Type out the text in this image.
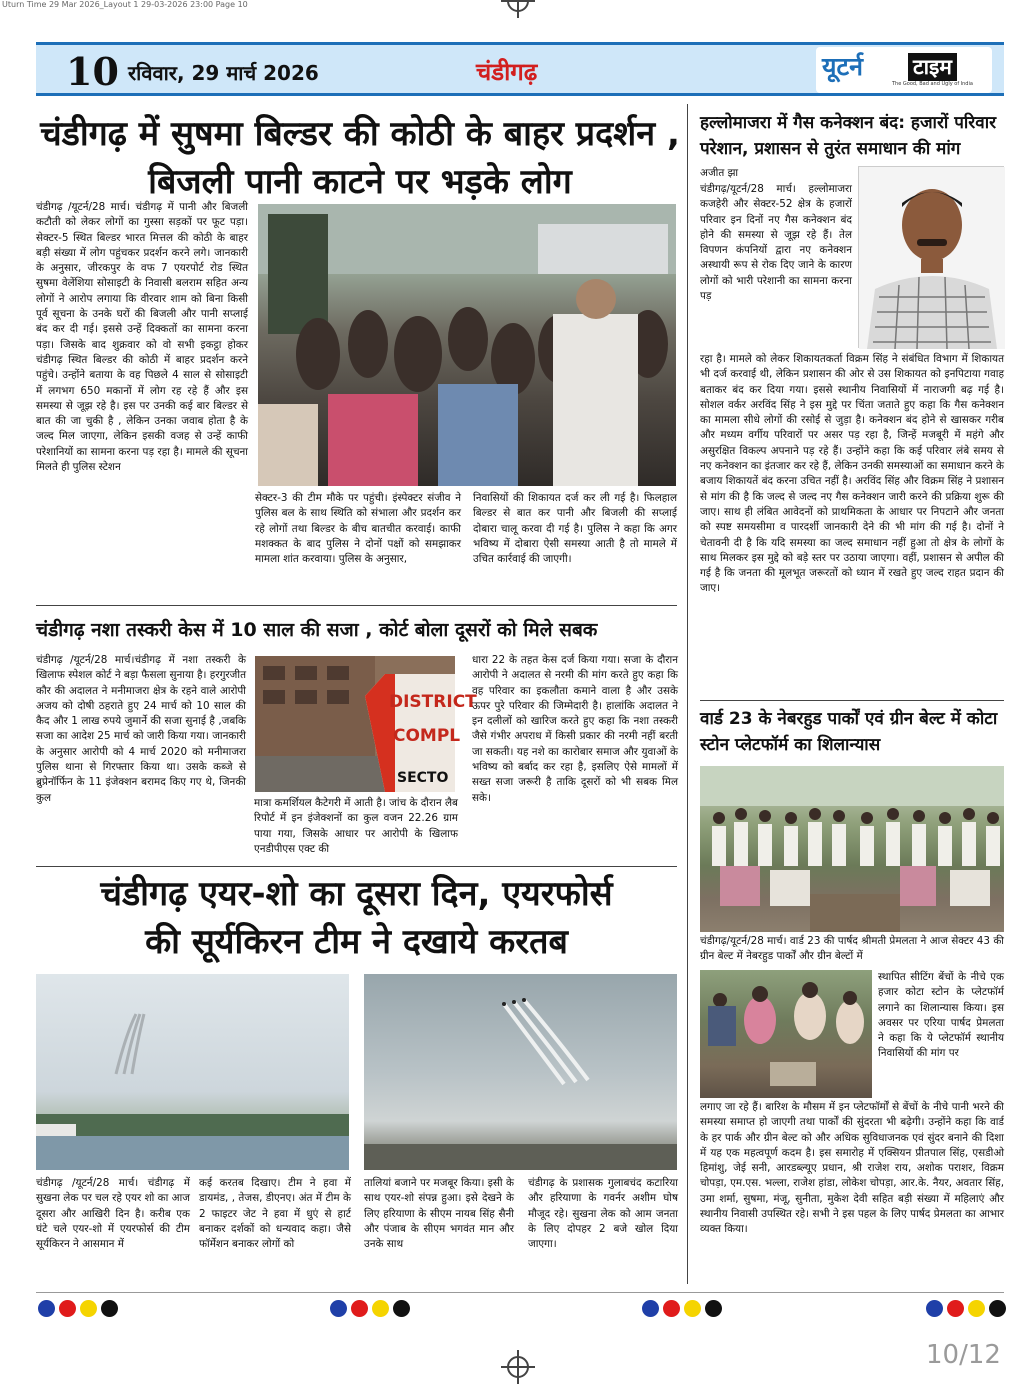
Uturn Time 29 Mar 2026_Layout 1 29-03-2026 23:00 Page 10
10 रविवार, 29 मार्च 2026	चंडीगढ़	यूटर्न टाइम
The Good, Bad and Ugly of India
चंडीगढ़ में सुषमा बिल्डर की कोठी के बाहर प्रदर्शन , बिजली पानी काटने पर भड़के लोग
चंडीगढ़ /यूटर्न/28 मार्च। चंडीगढ़ में पानी और बिजली कटौती को लेकर लोगों का गुस्सा सड़कों पर फूट पड़ा। सेक्टर-5 स्थित बिल्डर भारत मित्तल की कोठी के बाहर बड़ी संख्या में लोग पहुंचकर प्रदर्शन करने लगे। जानकारी के अनुसार, जीरकपुर के वफ 7 एयरपोर्ट रोड स्थित सुषमा वेलेंशिया सोसाइटी के निवासी बलराम सहित अन्य लोगों ने आरोप लगाया कि वीरवार शाम को बिना किसी पूर्व सूचना के उनके घरों की बिजली और पानी सप्लाई बंद कर दी गई। इससे उन्हें दिक्कतों का सामना करना पड़ा। जिसके बाद शुक्रवार को वो सभी इकट्ठा होकर चंडीगढ़ स्थित बिल्डर की कोठी में बाहर प्रदर्शन करने पहुंचे। उन्होंने बताया के वह पिछले 4 साल से सोसाइटी में लगभग 650 मकानों में लोग रह रहे हैं और इस समस्या से जूझ रहे है। इस पर उनकी कई बार बिल्डर से बात की जा चुकी है , लेकिन उनका जवाब होता है के जल्द मिल जाएगा, लेकिन इसकी वजह से उन्हें काफी परेशानियों का सामना करना पड़ रहा है। मामले की सूचना मिलते ही पुलिस स्टेशन
सेक्टर-3 की टीम मौके पर पहुंची। इंस्पेक्टर संजीव ने पुलिस बल के साथ स्थिति को संभाला और प्रदर्शन कर रहे लोगों तथा बिल्डर के बीच बातचीत करवाई। काफी मशक्कत के बाद पुलिस ने दोनों पक्षों को समझाकर मामला शांत करवाया। पुलिस के अनुसार,
निवासियों की शिकायत दर्ज कर ली गई है। फिलहाल बिल्डर से बात कर पानी और बिजली की सप्लाई दोबारा चालू करवा दी गई है। पुलिस ने कहा कि अगर भविष्य में दोबारा ऐसी समस्या आती है तो मामले में उचित कार्रवाई की जाएगी।
चंडीगढ़ नशा तस्करी केस में 10 साल की सजा , कोर्ट बोला दूसरों को मिले सबक
चंडीगढ़ /यूटर्न/28 मार्च।चंडीगढ़ में नशा तस्करी के खिलाफ स्पेशल कोर्ट ने बड़ा फैसला सुनाया है। हरगुरजीत कौर की अदालत ने मनीमाजरा क्षेत्र के रहने वाले आरोपी अजय को दोषी ठहराते हुए 24 मार्च को 10 साल की कैद और 1 लाख रुपये जुमार्ने की सजा सुनाई है ,जबकि सजा का आदेश 25 मार्च को जारी किया गया। जानकारी के अनुसार आरोपी को 4 मार्च 2020 को मनीमाजरा पुलिस थाना से गिरफ्तार किया था। उसके कब्जे से ब्रुप्रेनॉर्फिन के 11 इंजेक्शन बरामद किए गए थे, जिनकी कुल
DISTRICT
COMPL
SECTO
मात्रा कमर्शियल कैटेगरी में आती है। जांच के दौरान लैब रिपोर्ट में इन इंजेक्शनों का कुल वजन 22.26 ग्राम पाया गया, जिसके आधार पर आरोपी के खिलाफ एनडीपीएस एक्ट की
धारा 22 के तहत केस दर्ज किया गया। सजा के दौरान आरोपी ने अदालत से नरमी की मांग करते हुए कहा कि वह परिवार का इकलौता कमाने वाला है और उसके ऊपर पुरे परिवार की जिम्मेदारी है। हालांकि अदालत ने इन दलीलों को खारिज करते हुए कहा कि नशा तस्करी जैसे गंभीर अपराध में किसी प्रकार की नरमी नहीं बरती जा सकती। यह नशे का कारोबार समाज और युवाओं के भविष्य को बर्बाद कर रहा है, इसलिए ऐसे मामलों में सख्त सजा जरूरी है ताकि दूसरों को भी सबक मिल सके।
चंडीगढ़ एयर-शो का दूसरा दिन, एयरफोर्स
की सूर्यकिरन टीम ने दखाये करतब
चंडीगढ़ /यूटर्न/28 मार्च। चंडीगढ़ में सुखना लेक पर चल रहे एयर शो का आज दूसरा और आखिरी दिन है। करीब एक घंटे चले एयर-शो में एयरफोर्स की टीम सूर्यकिरन ने आसमान में
कई करतब दिखाए। टीम ने हवा में डायमंड, , तेजस, डीएनए। अंत में टीम के 2 फाइटर जेट ने हवा में धुएं से हार्ट बनाकर दर्शकों को धन्यवाद कहा। जैसे फॉर्मेशन बनाकर लोगों को
तालियां बजाने पर मजबूर किया। इसी के साथ एयर-शो संपन्न हुआ। इसे देखने के लिए हरियाणा के सीएम नायब सिंह सैनी और पंजाब के सीएम भगवंत मान और उनके साथ
चंडीगढ़ के प्रशासक गुलाबचंद कटारिया और हरियाणा के गवर्नर अशीम घोष मौजूद रहे। सुखना लेक को आम जनता के लिए दोपहर 2 बजे खोल दिया जाएगा।
हल्लोमाजरा में गैस कनेक्शन बंद: हजारों परिवार परेशान, प्रशासन से तुरंत समाधान की मांग
अजीत झा
चंडीगढ़/यूटर्न/28 मार्च। हल्लोमाजरा कजहेरी और सेक्टर-52 क्षेत्र के हजारों परिवार इन दिनों नए गैस कनेक्शन बंद होने की समस्या से जूझ रहे हैं। तेल विपणन कंपनियों द्वारा नए कनेक्शन अस्थायी रूप से रोक दिए जाने के कारण लोगों को भारी परेशानी का सामना करना पड़
रहा है। मामले को लेकर शिकायतकर्ता विक्रम सिंह ने संबंधित विभाग में शिकायत भी दर्ज करवाई थी, लेकिन प्रशासन की ओर से उस शिकायत को इनपिटाया गवाह बताकर बंद कर दिया गया। इससे स्थानीय निवासियों में नाराजगी बढ़ गई है। सोशल वर्कर अरविंद सिंह ने इस मुद्दे पर चिंता जताते हुए कहा कि गैस कनेक्शन का मामला सीधे लोगों की रसोई से जुड़ा है। कनेक्शन बंद होने से खासकर गरीब और मध्यम वर्गीय परिवारों पर असर पड़ रहा है, जिन्हें मजबूरी में महंगे और असुरक्षित विकल्प अपनाने पड़ रहे हैं। उन्होंने कहा कि कई परिवार लंबे समय से नए कनेक्शन का इंतजार कर रहे हैं, लेकिन उनकी समस्याओं का समाधान करने के बजाय शिकायतें बंद करना उचित नहीं है। अरविंद सिंह और विक्रम सिंह ने प्रशासन से मांग की है कि जल्द से जल्द नए गैस कनेक्शन जारी करने की प्रक्रिया शुरू की जाए। साथ ही लंबित आवेदनों को प्राथमिकता के आधार पर निपटाने और जनता को स्पष्ट समयसीमा व पारदर्शी जानकारी देने की भी मांग की गई है। दोनों ने चेतावनी दी है कि यदि समस्या का जल्द समाधान नहीं हुआ तो क्षेत्र के लोगों के साथ मिलकर इस मुद्दे को बड़े स्तर पर उठाया जाएगा। वहीं, प्रशासन से अपील की गई है कि जनता की मूलभूत जरूरतों को ध्यान में रखते हुए जल्द राहत प्रदान की जाए।
वार्ड 23 के नेबरहुड पार्कों एवं ग्रीन बेल्ट में कोटा स्टोन प्लेटफॉर्म का शिलान्यास
चंडीगढ़/यूटर्न/28 मार्च। वार्ड 23 की पार्षद श्रीमती प्रेमलता ने आज सेक्टर 43 की ग्रीन बेल्ट में नेबरहुड पार्कों और ग्रीन बेल्टों में
स्थापित सीटिंग बेंचों के नीचे एक हजार कोटा स्टोन के प्लेटफॉर्म लगाने का शिलान्यास किया। इस अवसर पर एरिया पार्षद प्रेमलता ने कहा कि ये प्लेटफॉर्म स्थानीय निवासियों की मांग पर
लगाए जा रहे हैं। बारिश के मौसम में इन प्लेटफॉर्मों से बेंचों के नीचे पानी भरने की समस्या समाप्त हो जाएगी तथा पार्कों की सुंदरता भी बढ़ेगी। उन्होंने कहा कि वार्ड के हर पार्क और ग्रीन बेल्ट को और अधिक सुविधाजनक एवं सुंदर बनाने की दिशा में यह एक महत्वपूर्ण कदम है। इस समारोह में एक्सियन प्रीतपाल सिंह, एसडीओ हिमांशु, जेई सनी, आरडब्ल्यूए प्रधान, श्री राजेश राय, अशोक पराशर, विक्रम चोपड़ा, एम.एस. भल्ला, राजेश हांडा, लोकेश चोपड़ा, आर.के. नैयर, अवतार सिंह, उमा शर्मा, सुषमा, मंजू, सुनीता, मुकेश देवी सहित बड़ी संख्या में महिलाएं और स्थानीय निवासी उपस्थित रहे। सभी ने इस पहल के लिए पार्षद प्रेमलता का आभार व्यक्त किया।
10/12
